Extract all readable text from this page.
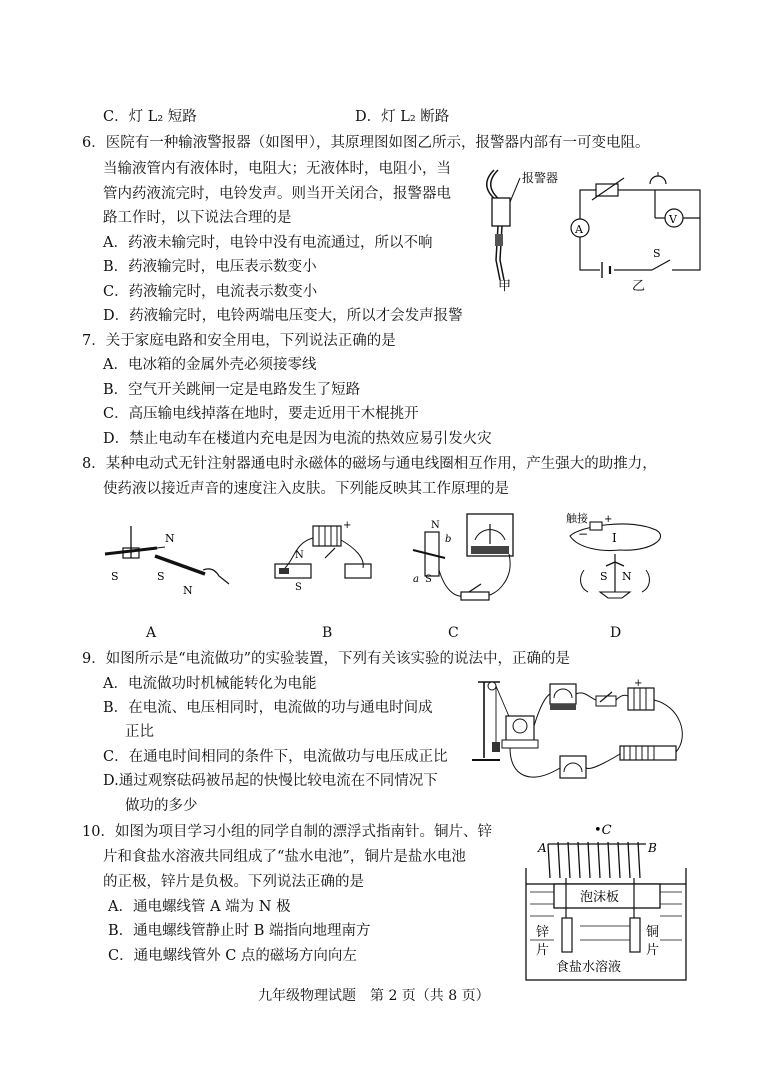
C．灯 L₂ 短路	D．灯 L₂ 断路
6．医院有一种输液警报器（如图甲），其原理图如图乙所示，报警器内部有一可变电阻。
当输液管内有液体时，电阻大；无液体时，电阻小，当
管内药液流完时，电铃发声。则当开关闭合，报警器电
路工作时，以下说法合理的是
A．药液未输完时，电铃中没有电流通过，所以不响
B．药液输完时，电压表示数变小
C．药液输完时，电流表示数变小
D．药液输完时，电铃两端电压变大，所以才会发声报警
报警器
甲
A
V
S
乙
7．关于家庭电路和安全用电，下列说法正确的是
A．电冰箱的金属外壳必须接零线
B．空气开关跳闸一定是电路发生了短路
C．高压输电线掉落在地时，要走近用干木棍挑开
D．禁止电动车在楼道内充电是因为电流的热效应易引发火灾
8．某种电动式无针注射器通电时永磁体的磁场与通电线圈相互作用，产生强大的助推力，
使药液以接近声音的速度注入皮肤。下列能反映其工作原理的是
N
S	S
N
+
N
S
N
b
a S
触接
−
+
I
S N
A	B	C	D
9．如图所示是“电流做功”的实验装置，下列有关该实验的说法中，正确的是
A．电流做功时机械能转化为电能
B．在电流、电压相同时，电流做的功与通电时间成
正比
C．在通电时间相同的条件下，电流做功与电压成正比
D.通过观察砝码被吊起的快慢比较电流在不同情况下
做功的多少
+
10．如图为项目学习小组的同学自制的漂浮式指南针。铜片、锌
片和食盐水溶液共同组成了“盐水电池”，铜片是盐水电池
的正极，锌片是负极。下列说法正确的是
A．通电螺线管 A 端为 N 极
B．通电螺线管静止时 B 端指向地理南方
C．通电螺线管外 C 点的磁场方向向左
•C
A	B
泡沫板
锌
片
铜
片
食盐水溶液
九年级物理试题　第 2 页（共 8 页）
